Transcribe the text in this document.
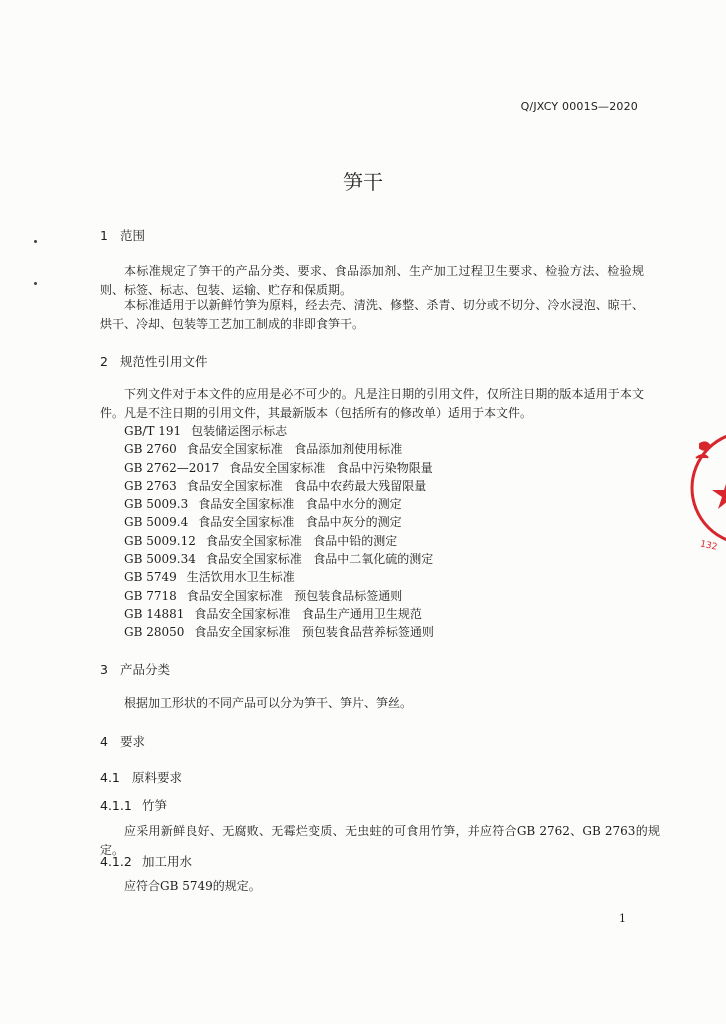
Q/JXCY 0001S—2020
笋干
1 范围
本标准规定了笋干的产品分类、要求、食品添加剂、生产加工过程卫生要求、检验方法、检验规则、标签、标志、包装、运输、贮存和保质期。
本标准适用于以新鲜竹笋为原料，经去壳、清洗、修整、杀青、切分或不切分、冷水浸泡、晾干、烘干、冷却、包装等工艺加工制成的非即食笋干。
2 规范性引用文件
下列文件对于本文件的应用是必不可少的。凡是注日期的引用文件，仅所注日期的版本适用于本文件。凡是不注日期的引用文件，其最新版本（包括所有的修改单）适用于本文件。
GB/T 191 包装储运图示标志
GB 2760 食品安全国家标准   食品添加剂使用标准
GB 2762—2017 食品安全国家标准   食品中污染物限量
GB 2763 食品安全国家标准   食品中农药最大残留限量
GB 5009.3 食品安全国家标准   食品中水分的测定
GB 5009.4 食品安全国家标准   食品中灰分的测定
GB 5009.12 食品安全国家标准   食品中铅的测定
GB 5009.34 食品安全国家标准   食品中二氧化硫的测定
GB 5749 生活饮用水卫生标准
GB 7718 食品安全国家标准   预包装食品标签通则
GB 14881 食品安全国家标准   食品生产通用卫生规范
GB 28050 食品安全国家标准   预包装食品营养标签通则
3 产品分类
根据加工形状的不同产品可以分为笋干、笋片、笋丝。
4 要求
4.1 原料要求
4.1.1 竹笋
应采用新鲜良好、无腐败、无霉烂变质、无虫蛀的可食用竹笋，并应符合GB 2762、GB 2763的规定。
4.1.2 加工用水
应符合GB 5749的规定。
1
132
